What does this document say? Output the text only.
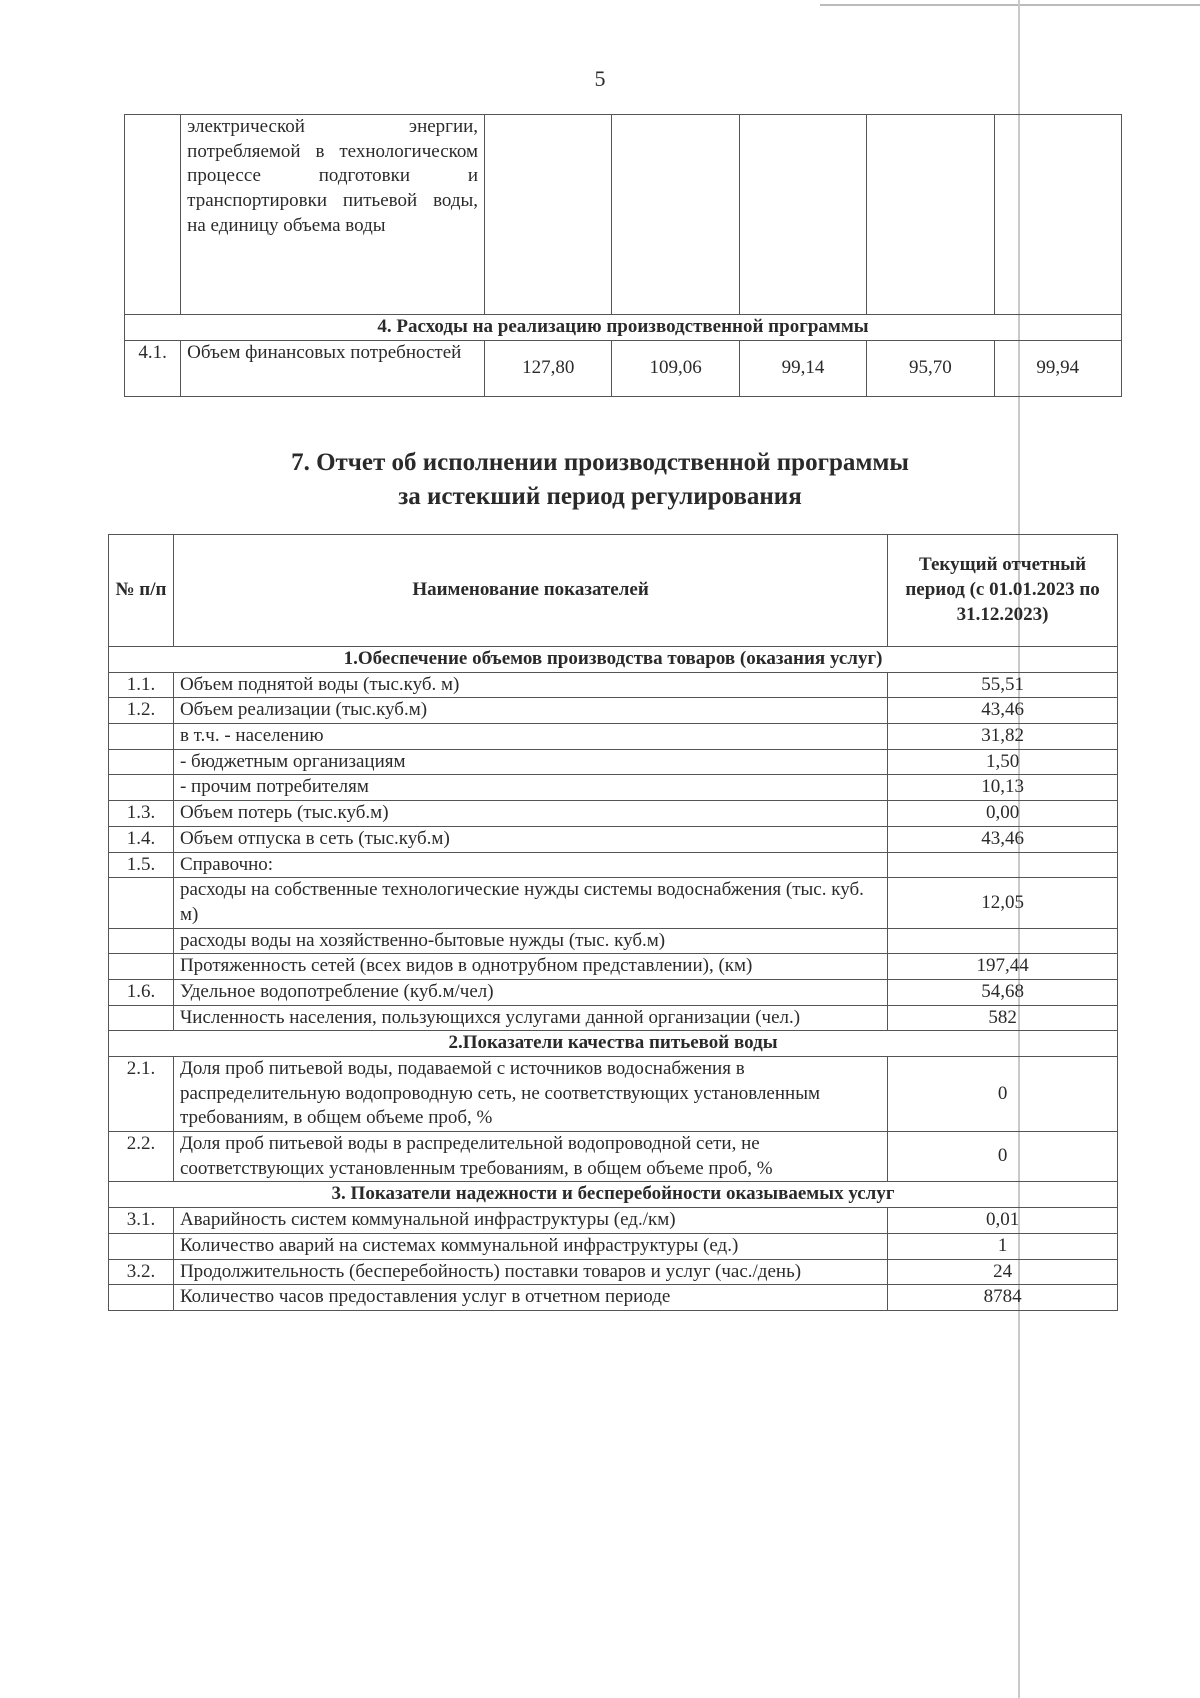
5
	электрической энергии, потребляемой в технологическом процессе подготовки и транспортировки питьевой воды, на единицу объема воды					
4. Расходы на реализацию производственной программы						
4.1.	Объем финансовых потребностей	127,80	109,06	99,14	95,70	99,94
7. Отчет об исполнении производственной программы
за истекший период регулирования
№ п/п	Наименование показателей	Текущий отчетный период (с 01.01.2023 по 31.12.2023)
1.Обеспечение объемов производства товаров (оказания услуг)		
1.1.	Объем поднятой воды (тыс.куб. м)	55,51
1.2.	Объем реализации (тыс.куб.м)	43,46
	в т.ч. - населению	31,82
	- бюджетным организациям	1,50
	- прочим потребителям	10,13
1.3.	Объем потерь (тыс.куб.м)	0,00
1.4.	Объем отпуска в сеть (тыс.куб.м)	43,46
1.5.	Справочно:	
	расходы на собственные технологические нужды системы водоснабжения (тыс. куб. м)	12,05
	расходы воды на хозяйственно-бытовые нужды (тыс. куб.м)	
	Протяженность сетей (всех видов в однотрубном представлении), (км)	197,44
1.6.	Удельное водопотребление (куб.м/чел)	54,68
	Численность населения, пользующихся услугами данной организации (чел.)	582
2.Показатели качества питьевой воды		
2.1.	Доля проб питьевой воды, подаваемой с источников водоснабжения в распределительную водопроводную сеть, не соответствующих установленным требованиям, в общем объеме проб, %	0
2.2.	Доля проб питьевой воды в распределительной водопроводной сети, не соответствующих установленным требованиям, в общем объеме проб, %	0
3. Показатели надежности и бесперебойности оказываемых услуг		
3.1.	Аварийность систем коммунальной инфраструктуры (ед./км)	0,01
	Количество аварий на системах коммунальной инфраструктуры (ед.)	1
3.2.	Продолжительность (бесперебойность) поставки товаров и услуг (час./день)	24
	Количество часов предоставления услуг в отчетном периоде	8784
